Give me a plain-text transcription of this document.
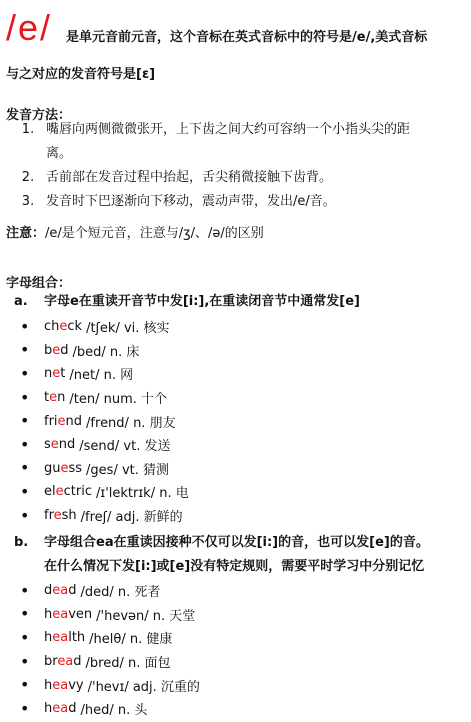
/e/ 是单元音前元音，这个音标在英式音标中的符号是/e/,美式音标
与之对应的发音符号是[ɛ]
发音方法：
1. 嘴唇向两侧微微张开，上下齿之间大约可容纳一个小指头尖的距
离。
2. 舌前部在发音过程中抬起，舌尖稍微接触下齿背。
3. 发音时下巴逐渐向下移动，震动声带，发出/e/音。
注意：/e/是个短元音，注意与/ʒ/、/ə/的区别
字母组合：
a.	字母e在重读开音节中发[i:],在重读闭音节中通常发[e]
•	check /tʃek/ vi. 核实
•	bed /bed/ n. 床
•	net /net/ n. 网
•	ten /ten/ num. 十个
•	friend /frend/ n. 朋友
•	send /send/ vt. 发送
•	guess /ges/ vt. 猜测
•	electric /ɪ'lektrɪk/ n. 电
•	fresh /freʃ/ adj. 新鲜的
b.	字母组合ea在重读因接种不仅可以发[i:]的音，也可以发[e]的音。
在什么情况下发[i:]或[e]没有特定规则，需要平时学习中分别记忆
•	dead /ded/ n. 死者
•	heaven /'hevən/ n. 天堂
•	health /helθ/ n. 健康
•	bread /bred/ n. 面包
•	heavy /'hevɪ/ adj. 沉重的
•	head /hed/ n. 头
